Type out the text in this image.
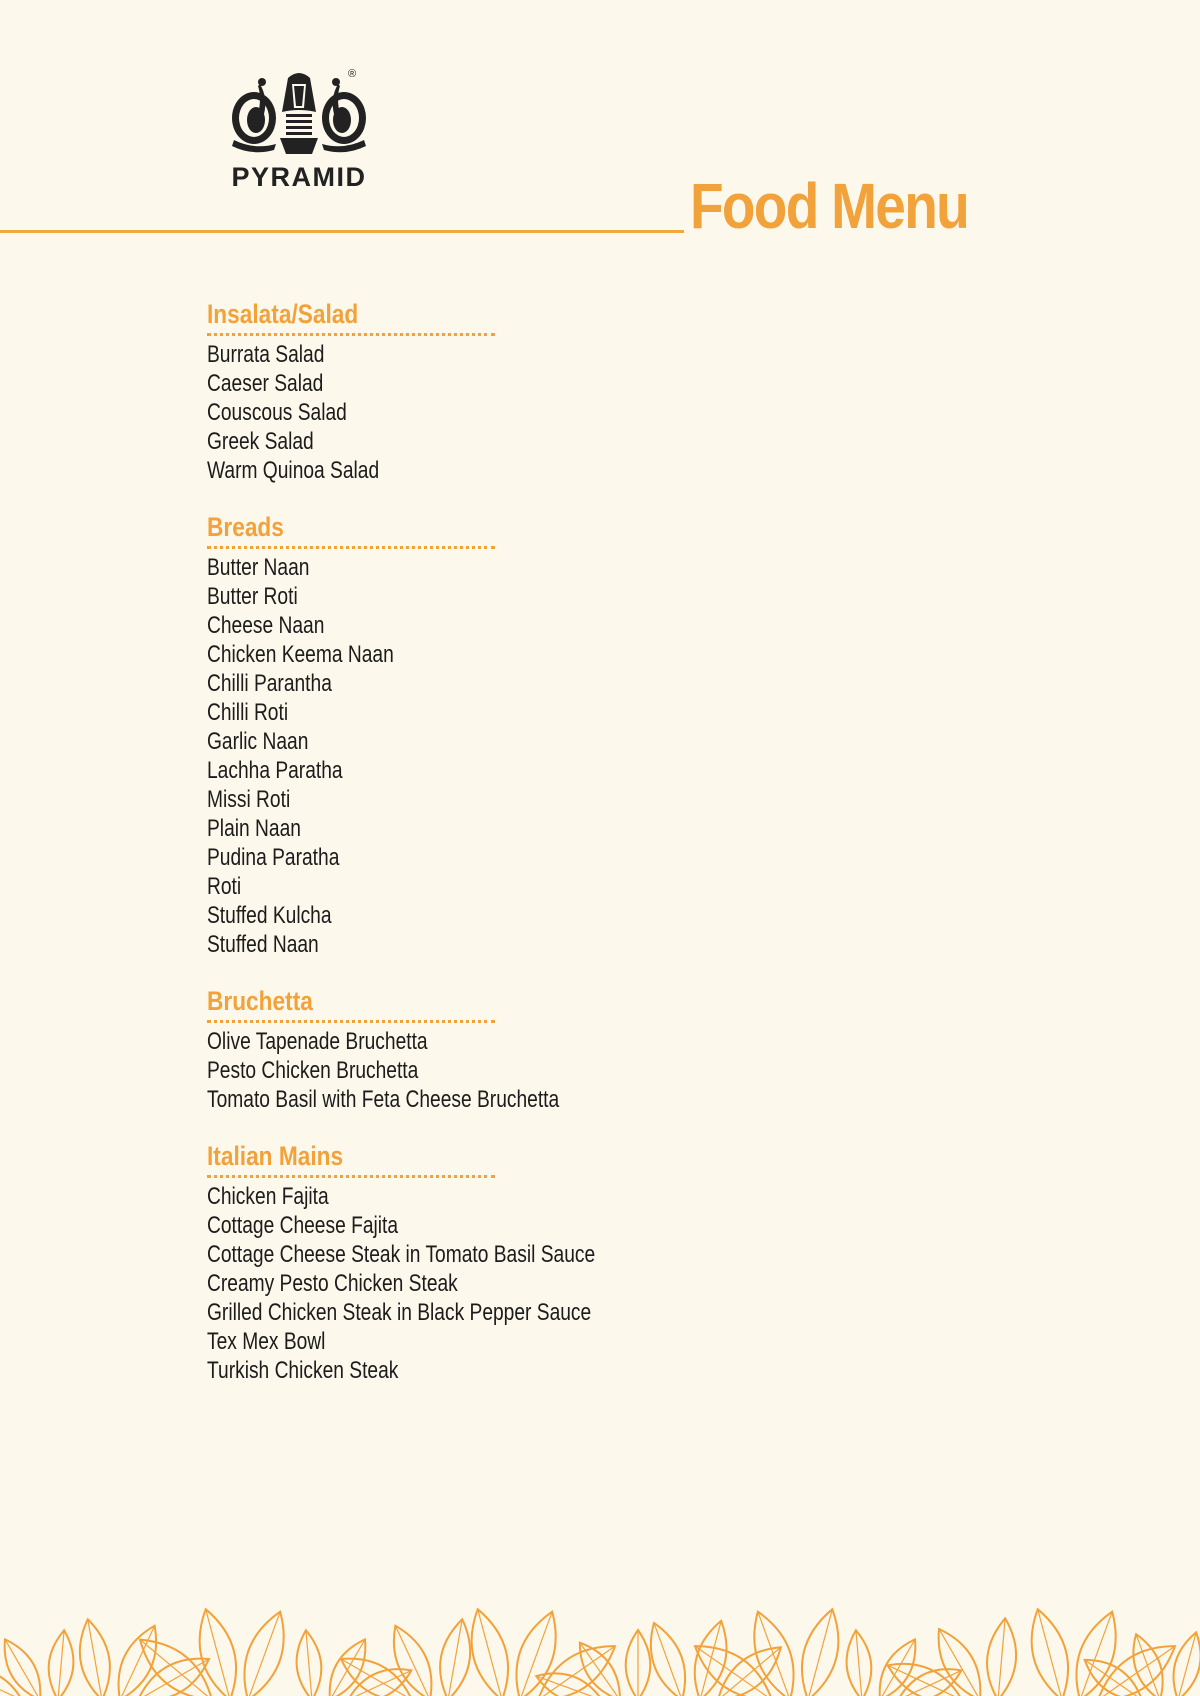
®
PYRAMID	Food Menu
Insalata/Salad
Burrata Salad
Caeser Salad
Couscous Salad
Greek Salad
Warm Quinoa Salad
Breads
Butter Naan
Butter Roti
Cheese Naan
Chicken Keema Naan
Chilli Parantha
Chilli Roti
Garlic Naan
Lachha Paratha
Missi Roti
Plain Naan
Pudina Paratha
Roti
Stuffed Kulcha
Stuffed Naan
Bruchetta
Olive Tapenade Bruchetta
Pesto Chicken Bruchetta
Tomato Basil with Feta Cheese Bruchetta
Italian Mains
Chicken Fajita
Cottage Cheese Fajita
Cottage Cheese Steak in Tomato Basil Sauce
Creamy Pesto Chicken Steak
Grilled Chicken Steak in Black Pepper Sauce
Tex Mex Bowl
Turkish Chicken Steak
